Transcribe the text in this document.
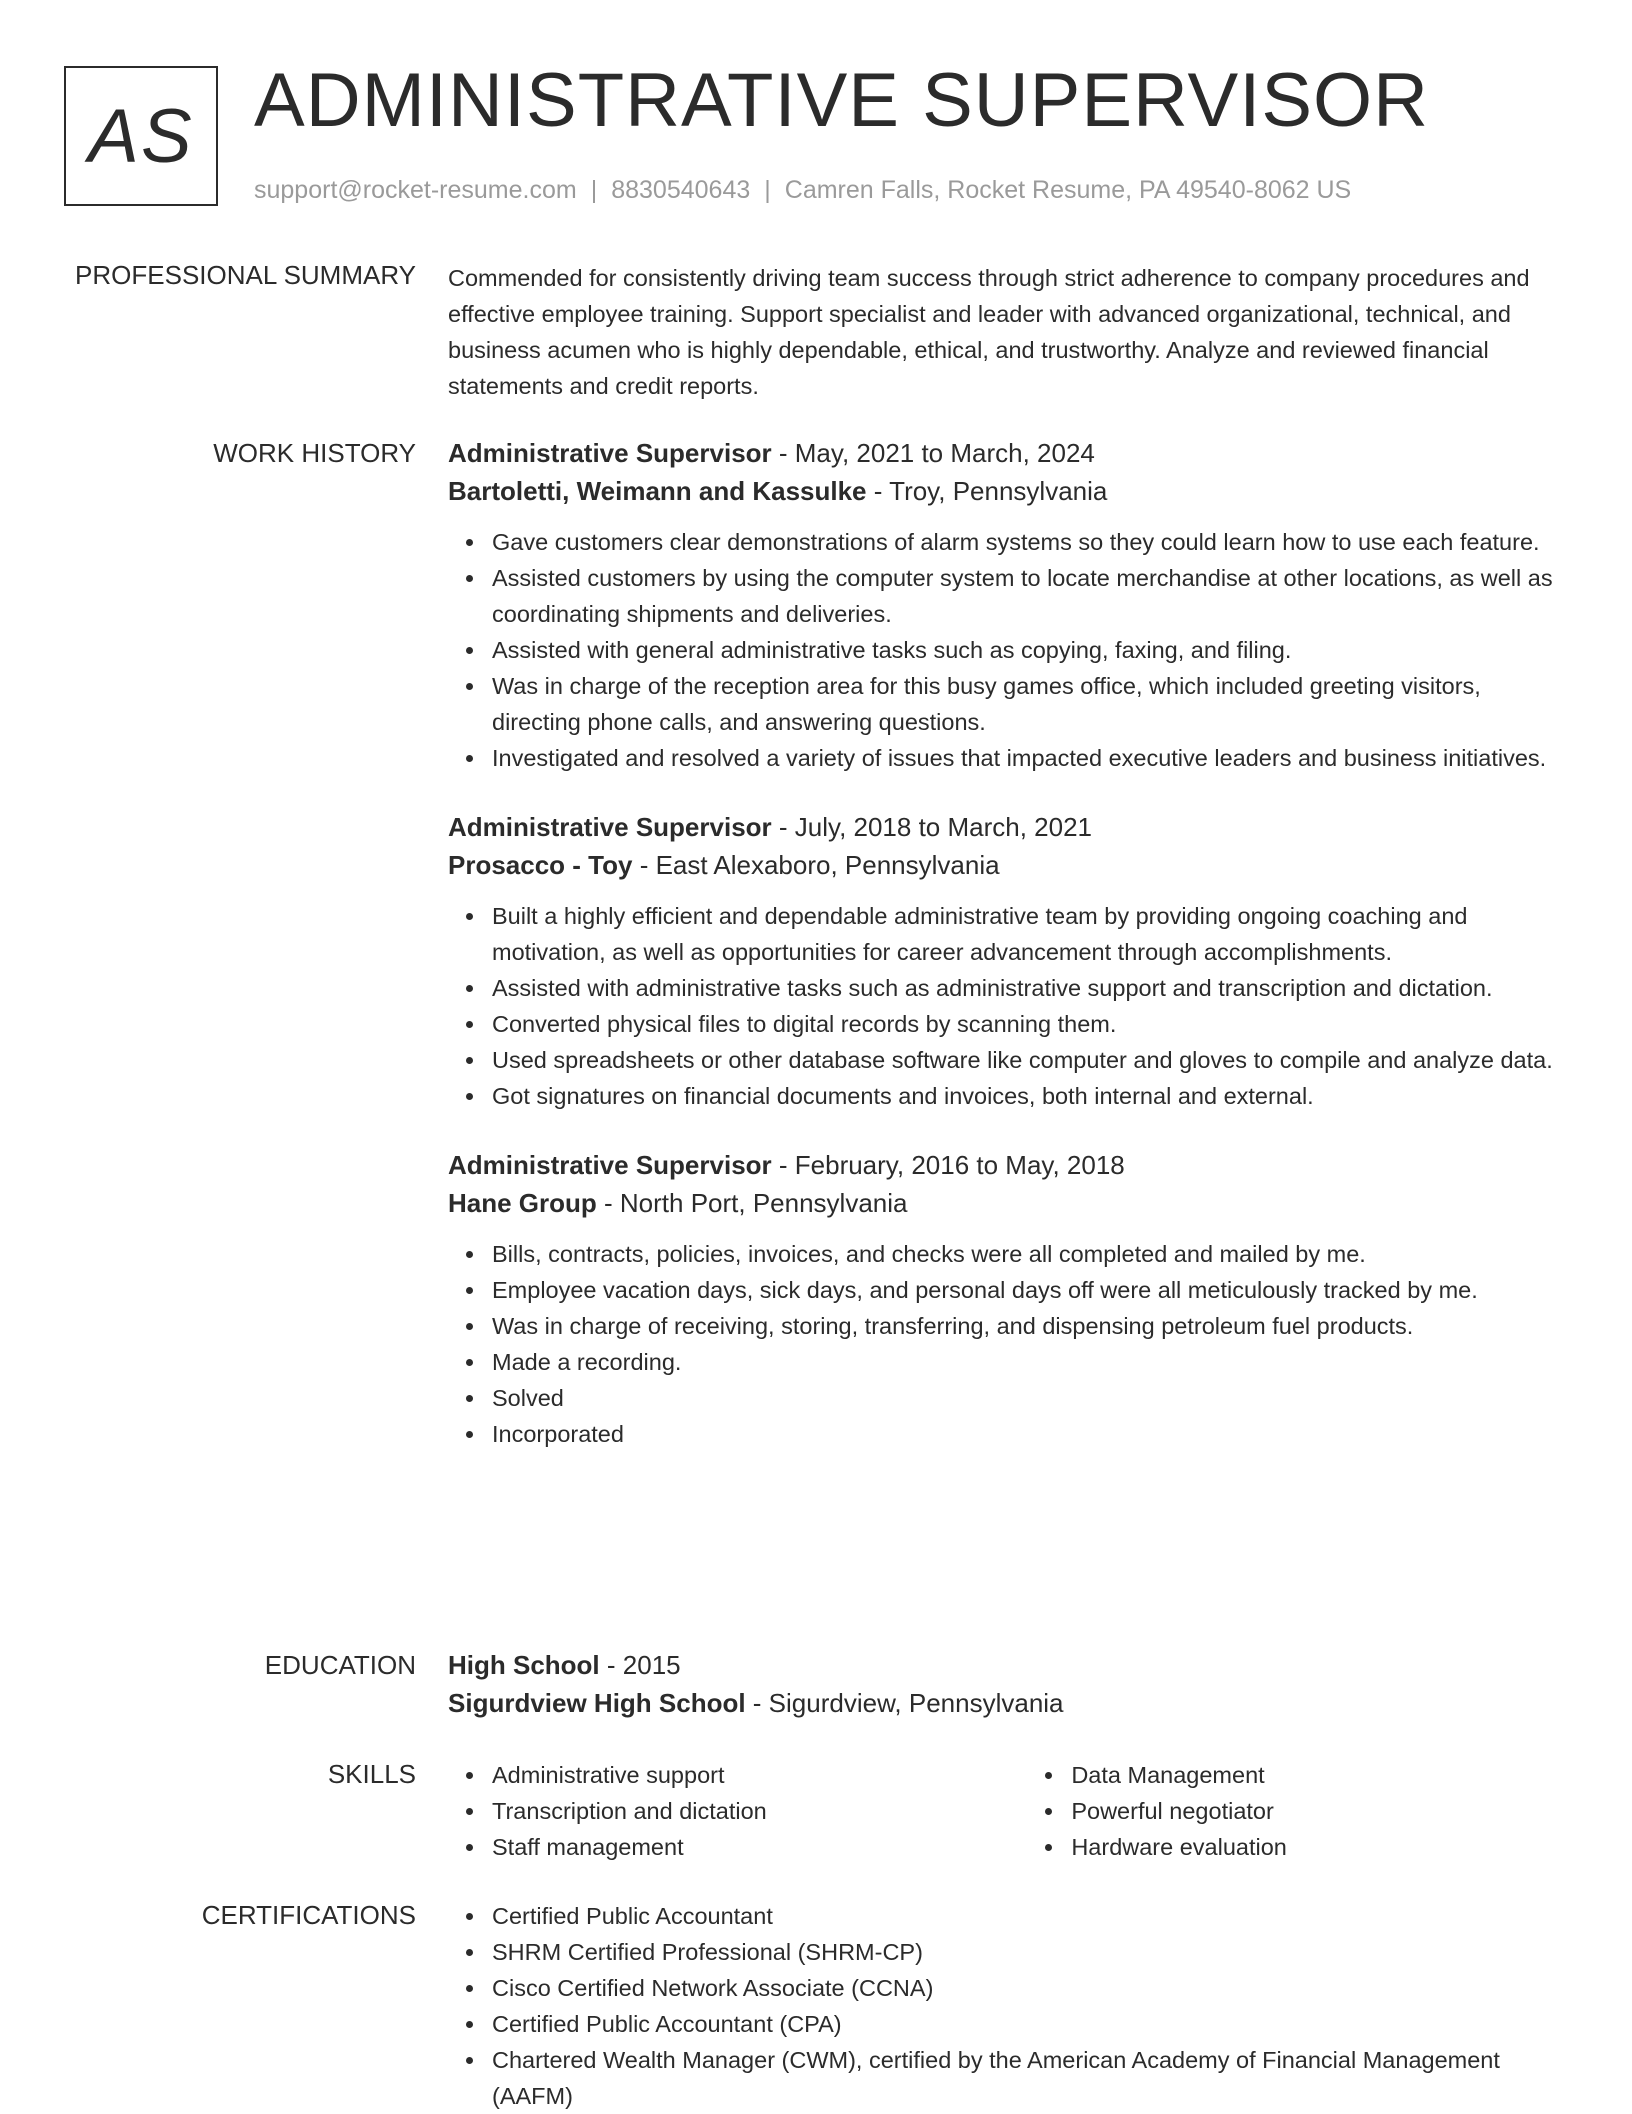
AS ADMINISTRATIVE SUPERVISOR
support@rocket-resume.com | 8830540643 | Camren Falls, Rocket Resume, PA 49540-8062 US
PROFESSIONAL SUMMARY Commended for consistently driving team success through strict adherence to company procedures and effective employee training. Support specialist and leader with advanced organizational, technical, and business acumen who is highly dependable, ethical, and trustworthy. Analyze and reviewed financial statements and credit reports.

WORK HISTORY Administrative Supervisor - May, 2021 to March, 2024
Bartoletti, Weimann and Kassulke - Troy, Pennsylvania
Gave customers clear demonstrations of alarm systems so they could learn how to use each feature.
Assisted customers by using the computer system to locate merchandise at other locations, as well as coordinating shipments and deliveries.
Assisted with general administrative tasks such as copying, faxing, and filing.
Was in charge of the reception area for this busy games office, which included greeting visitors, directing phone calls, and answering questions.
Investigated and resolved a variety of issues that impacted executive leaders and business initiatives.
Administrative Supervisor - July, 2018 to March, 2021
Prosacco - Toy - East Alexaboro, Pennsylvania
Built a highly efficient and dependable administrative team by providing ongoing coaching and motivation, as well as opportunities for career advancement through accomplishments.
Assisted with administrative tasks such as administrative support and transcription and dictation.
Converted physical files to digital records by scanning them.
Used spreadsheets or other database software like computer and gloves to compile and analyze data.
Got signatures on financial documents and invoices, both internal and external.
Administrative Supervisor - February, 2016 to May, 2018
Hane Group - North Port, Pennsylvania
Bills, contracts, policies, invoices, and checks were all completed and mailed by me.
Employee vacation days, sick days, and personal days off were all meticulously tracked by me.
Was in charge of receiving, storing, transferring, and dispensing petroleum fuel products.
Made a recording.
Solved
Incorporated
EDUCATION High School - 2015
Sigurdview High School - Sigurdview, Pennsylvania
SKILLS	Administrative support
Transcription and dictation
Staff management
Data Management
Powerful negotiator
Hardware evaluation
CERTIFICATIONS	Certified Public Accountant
SHRM Certified Professional (SHRM-CP)
Cisco Certified Network Associate (CCNA)
Certified Public Accountant (CPA)
Chartered Wealth Manager (CWM), certified by the American Academy of Financial Management (AAFM)
